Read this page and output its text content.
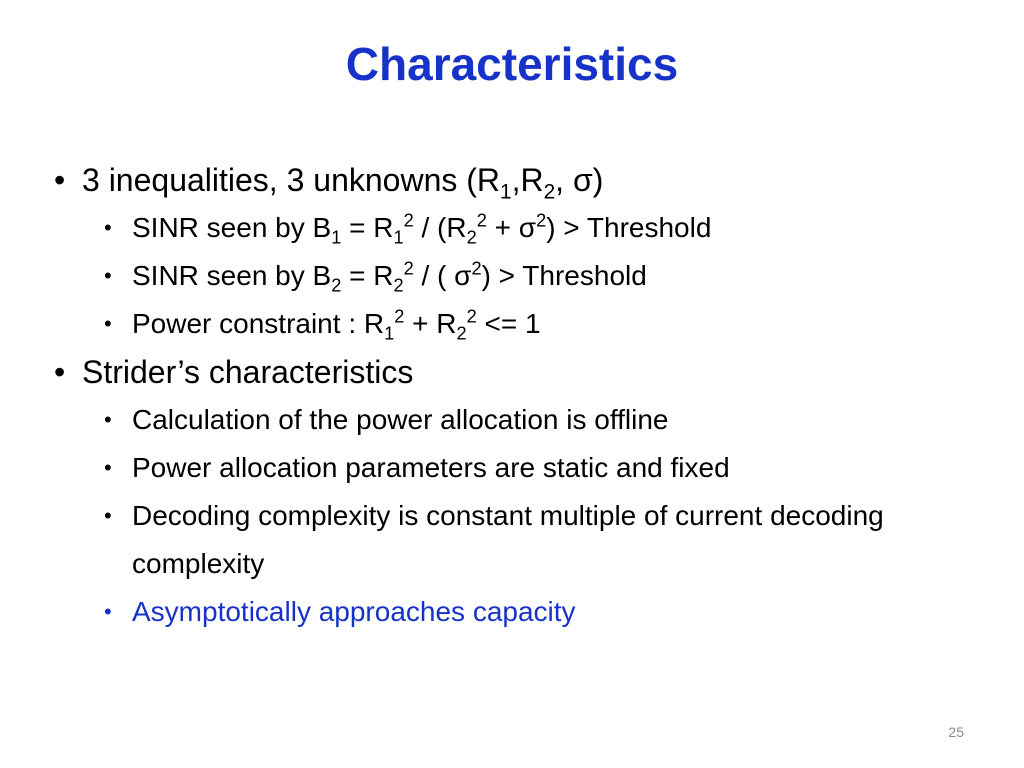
Characteristics
• 3 inequalities, 3 unknowns ($R_1,R_2$, σ)
• SINR seen by $B_1 = R_1^2 / (R_2^2 + \sigma^2)$ > Threshold
• SINR seen by $B_2 = R_2^2$ / ( $\sigma^2$) > Threshold
• Power constraint : $R_1^2 + R_2^2 <= 1$
• Strider’s characteristics
• Calculation of the power allocation is offline
• Power allocation parameters are static and fixed
• Decoding complexity is constant multiple of current decoding complexity
• Asymptotically approaches capacity
25
